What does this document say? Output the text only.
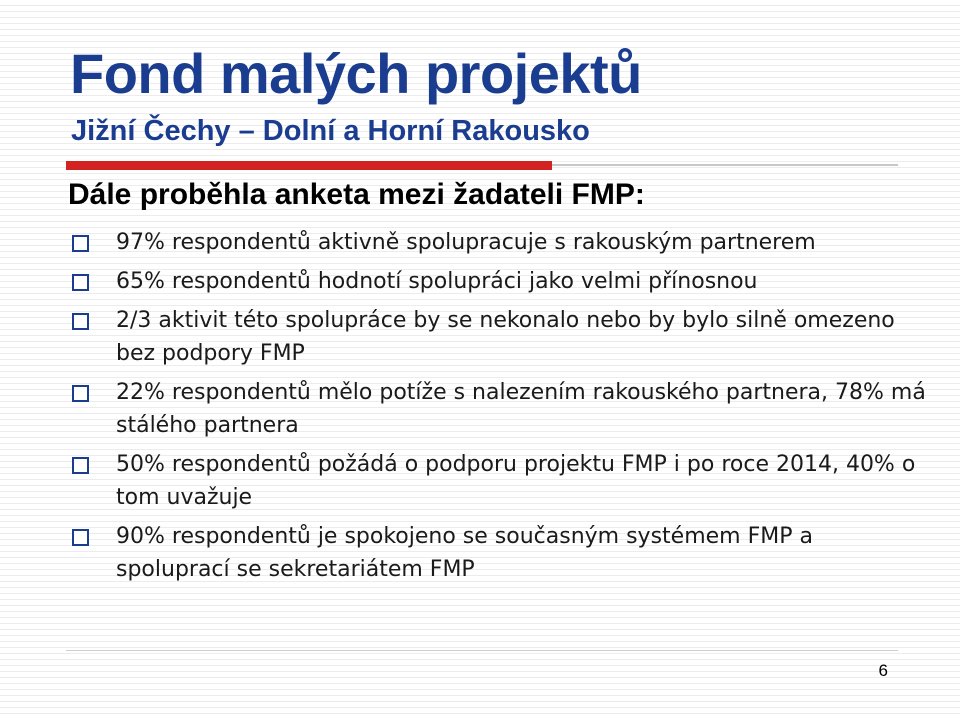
Fond malých projektů
Jižní Čechy – Dolní a Horní Rakousko
Dále proběhla anketa mezi žadateli FMP:
97% respondentů aktivně spolupracuje s rakouským partnerem
65% respondentů hodnotí spolupráci jako velmi přínosnou
2/3 aktivit této spolupráce by se nekonalo nebo by bylo silně omezeno bez podpory FMP
22% respondentů mělo potíže s nalezením rakouského partnera, 78% má stálého partnera
50% respondentů požádá o podporu projektu FMP i po roce 2014, 40% o tom uvažuje
90% respondentů je spokojeno se současným systémem FMP a spoluprací se sekretariátem FMP
6
